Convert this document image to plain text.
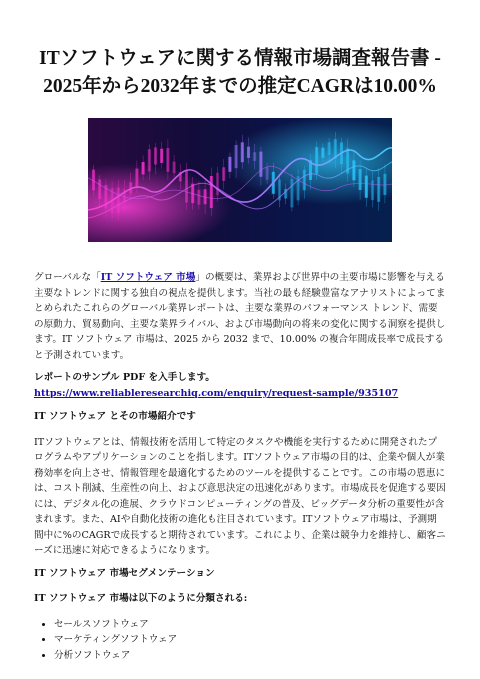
ITソフトウェアに関する情報市場調査報告書 -
2025年から2032年までの推定CAGRは10.00%

グローバルな「IT ソフトウェア 市場」の概要は、業界および世界中の主要市場に影響を与える主要なトレンドに関する独自の視点を提供します。当社の最も経験豊富なアナリストによってまとめられたこれらのグローバル業界レポートは、主要な業界のパフォーマンス トレンド、需要の原動力、貿易動向、主要な業界ライバル、および市場動向の将来の変化に関する洞察を提供します。IT ソフトウェア 市場は、2025 から 2032 まで、10.00% の複合年間成長率で成長すると予測されています。

レポートのサンプル PDF を入手します。 https://www.reliableresearchiq.com/enquiry/request-sample/935107

IT ソフトウェア とその市場紹介です

ITソフトウェアとは、情報技術を活用して特定のタスクや機能を実行するために開発されたプログラムやアプリケーションのことを指します。ITソフトウェア市場の目的は、企業や個人が業務効率を向上させ、情報管理を最適化するためのツールを提供することです。この市場の恩恵には、コスト削減、生産性の向上、および意思決定の迅速化があります。市場成長を促進する要因には、デジタル化の進展、クラウドコンピューティングの普及、ビッグデータ分析の重要性が含まれます。また、AIや自動化技術の進化も注目されています。ITソフトウェア市場は、予測期間中に%のCAGRで成長すると期待されています。これにより、企業は競争力を維持し、顧客ニーズに迅速に対応できるようになります。

IT ソフトウェア 市場セグメンテーション

IT ソフトウェア 市場は以下のように分類される:

• セールスソフトウェア
• マーケティングソフトウェア
• 分析ソフトウェア
